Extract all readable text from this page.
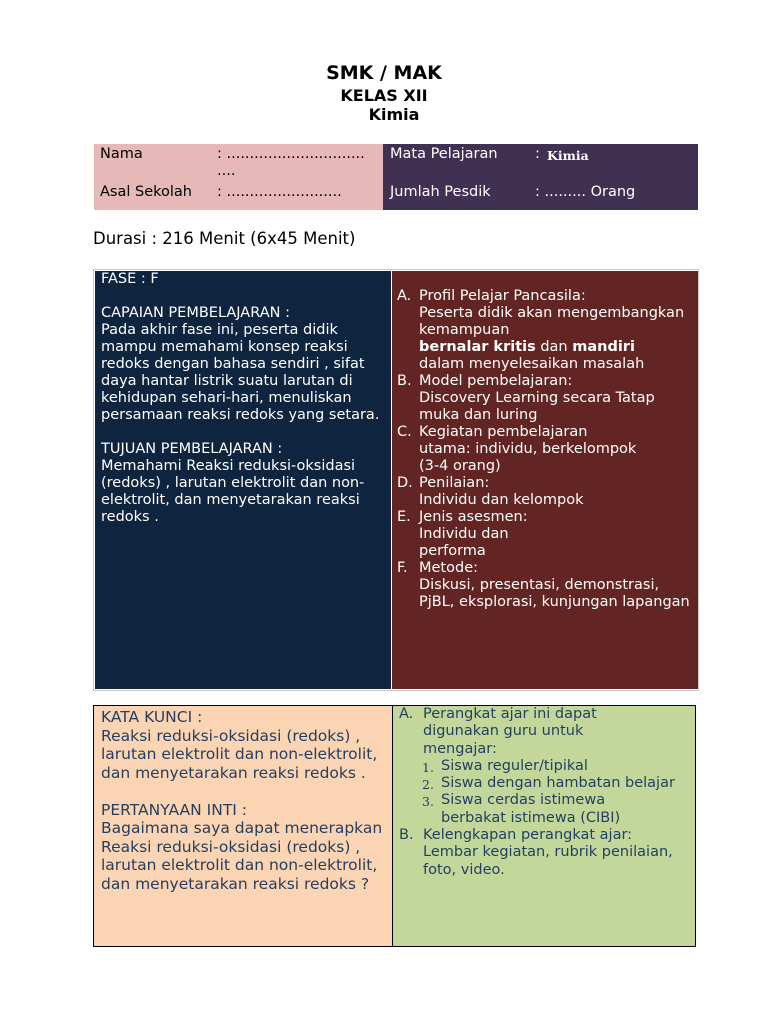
SMK / MAK
KELAS XII
Kimia
Nama	: ..............................
....
Asal Sekolah : .........................
Mata Pelajaran	: Kimia
Jumlah Pesdik	: ......... Orang
Durasi : 216 Menit (6x45 Menit)

FASE : F

CAPAIAN PEMBELAJARAN :

Pada akhir fase ini, peserta didik mampu memahami konsep reaksi redoks dengan bahasa sendiri , sifat daya hantar listrik suatu larutan di kehidupan sehari-hari, menuliskan persamaan reaksi redoks yang setara.

TUJUAN PEMBELAJARAN :

Memahami Reaksi reduksi-oksidasi (redoks) , larutan elektrolit dan non-elektrolit, dan menyetarakan reaksi redoks .

A. Profil Pelajar Pancasila:
Peserta didik akan mengembangkan kemampuan
bernalar kritis dan mandiri
dalam menyelesaikan masalah
B. Model pembelajaran:
Discovery Learning secara Tatap muka dan luring
C. Kegiatan pembelajaran
utama: individu, berkelompok (3-4 orang)
D. Penilaian:
Individu dan kelompok
E. Jenis asesmen:
Individu dan
performa
F. Metode:
Diskusi, presentasi, demonstrasi, PjBL, eksplorasi, kunjungan lapangan

KATA KUNCI :

Reaksi reduksi-oksidasi (redoks) , larutan elektrolit dan non-elektrolit, dan menyetarakan reaksi redoks .

PERTANYAAN INTI :

Bagaimana saya dapat menerapkan Reaksi reduksi-oksidasi (redoks) , larutan elektrolit dan non-elektrolit, dan menyetarakan reaksi redoks ?

A. Perangkat ajar ini dapat digunakan guru untuk mengajar:
1. Siswa reguler/tipikal
2. Siswa dengan hambatan belajar
3. Siswa cerdas istimewa berbakat istimewa (CIBI)
B. Kelengkapan perangkat ajar: Lembar kegiatan, rubrik penilaian, foto, video.
